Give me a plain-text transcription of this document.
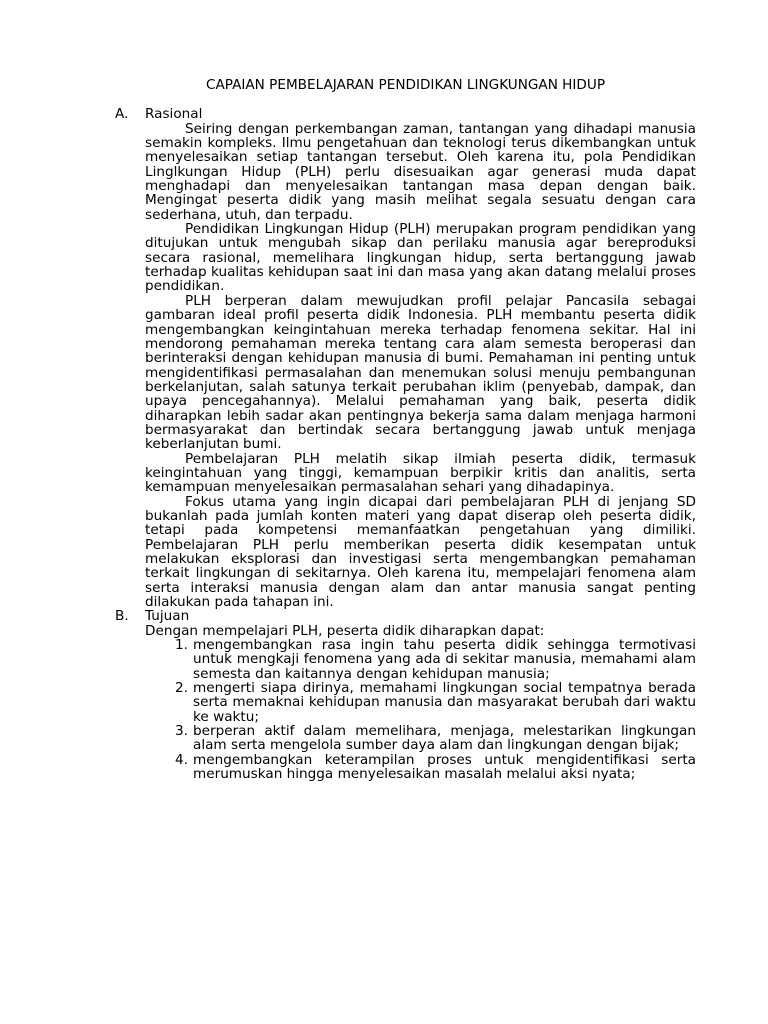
CAPAIAN PEMBELAJARAN PENDIDIKAN LINGKUNGAN HIDUP
A.	Rasional

Seiring dengan perkembangan zaman, tantangan yang dihadapi manusia semakin kompleks. Ilmu pengetahuan dan teknologi terus dikembangkan untuk menyelesaikan setiap tantangan tersebut. Oleh karena itu, pola Pendidikan Linglkungan Hidup (PLH) perlu disesuaikan agar generasi muda dapat menghadapi dan menyelesaikan tantangan masa depan dengan baik. Mengingat peserta didik yang masih melihat segala sesuatu dengan cara sederhana, utuh, dan terpadu.

Pendidikan Lingkungan Hidup (PLH) merupakan program pendidikan yang ditujukan untuk mengubah sikap dan perilaku manusia agar bereproduksi secara rasional, memelihara lingkungan hidup, serta bertanggung jawab terhadap kualitas kehidupan saat ini dan masa yang akan datang melalui proses pendidikan.

PLH berperan dalam mewujudkan profil pelajar Pancasila sebagai gambaran ideal profil peserta didik Indonesia. PLH membantu peserta didik mengembangkan keingintahuan mereka terhadap fenomena sekitar. Hal ini mendorong pemahaman mereka tentang cara alam semesta beroperasi dan berinteraksi dengan kehidupan manusia di bumi. Pemahaman ini penting untuk mengidentifikasi permasalahan dan menemukan solusi menuju pembangunan berkelanjutan, salah satunya terkait perubahan iklim (penyebab, dampak, dan upaya pencegahannya). Melalui pemahaman yang baik, peserta didik diharapkan lebih sadar akan pentingnya bekerja sama dalam menjaga harmoni bermasyarakat dan bertindak secara bertanggung jawab untuk menjaga keberlanjutan bumi.

Pembelajaran PLH melatih sikap ilmiah peserta didik, termasuk keingintahuan yang tinggi, kemampuan berpikir kritis dan analitis, serta kemampuan menyelesaikan permasalahan sehari yang dihadapinya.

Fokus utama yang ingin dicapai dari pembelajaran PLH di jenjang SD bukanlah pada jumlah konten materi yang dapat diserap oleh peserta didik, tetapi pada kompetensi memanfaatkan pengetahuan yang dimiliki. Pembelajaran PLH perlu memberikan peserta didik kesempatan untuk melakukan eksplorasi dan investigasi serta mengembangkan pemahaman terkait lingkungan di sekitarnya. Oleh karena itu, mempelajari fenomena alam serta interaksi manusia dengan alam dan antar manusia sangat penting dilakukan pada tahapan ini.

B.	Tujuan

Dengan mempelajari PLH, peserta didik diharapkan dapat:

1. mengembangkan rasa ingin tahu peserta didik sehingga termotivasi untuk mengkaji fenomena yang ada di sekitar manusia, memahami alam semesta dan kaitannya dengan kehidupan manusia;
2. mengerti siapa dirinya, memahami lingkungan social tempatnya berada serta memaknai kehidupan manusia dan masyarakat berubah dari waktu ke waktu;
3. berperan aktif dalam memelihara, menjaga, melestarikan lingkungan alam serta mengelola sumber daya alam dan lingkungan dengan bijak;
4. mengembangkan keterampilan proses untuk mengidentifikasi serta merumuskan hingga menyelesaikan masalah melalui aksi nyata;
